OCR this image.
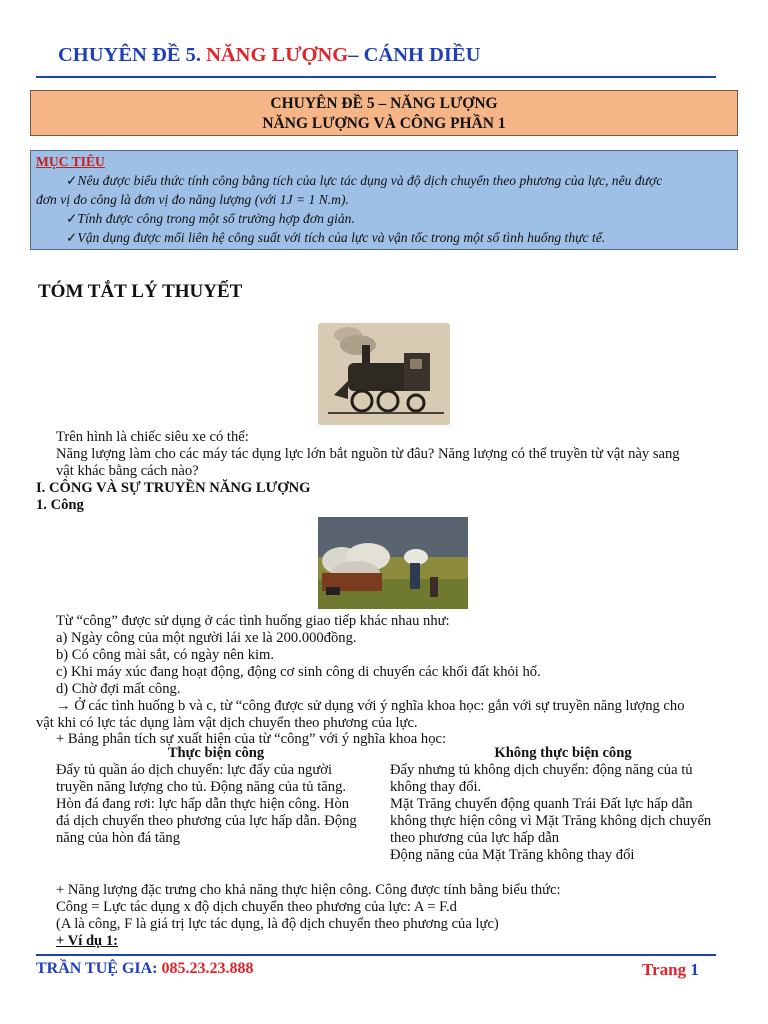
CHUYÊN ĐỀ 5. NĂNG LƯỢNG– CÁNH DIỀU
CHUYÊN ĐỀ 5 – NĂNG LƯỢNG
NĂNG LƯỢNG VÀ CÔNG PHẦN 1
MỤC TIÊU
✓Nêu được biểu thức tính công bằng tích của lực tác dụng và độ dịch chuyển theo phương của lực, nêu được
đơn vị đo công là đơn vị đo năng lượng (với 1J = 1 N.m).
✓Tính được công trong một số trường hợp đơn giản.
✓Vận dụng được mối liên hệ công suất với tích của lực và vận tốc trong một số tình huống thực tế.
TÓM TẮT LÝ THUYẾT
Trên hình là chiếc siêu xe có thể:
Năng lượng làm cho các máy tác dụng lực lớn bắt nguồn từ đâu? Năng lượng có thể truyền từ vật này sang
vật khác bằng cách nào?
I. CÔNG VÀ SỰ TRUYỀN NĂNG LƯỢNG
1. Công
Từ “công” được sử dụng ở các tình huống giao tiếp khác nhau như:
a) Ngày công của một người lái xe là 200.000đồng.
b) Có công mài sắt, có ngày nên kim.
c) Khi máy xúc đang hoạt động, động cơ sinh công di chuyển các khối đất khỏi hố.
d) Chờ đợi mất công.
→ Ở các tình huống b và c, từ “công được sử dụng với ý nghĩa khoa học: gắn với sự truyền năng lượng cho
vật khi có lực tác dụng làm vật dịch chuyển theo phương của lực.
+ Bảng phân tích sự xuất hiện của từ “công” với ý nghĩa khoa học:
Thực biện công
Đẩy tủ quần áo dịch chuyển: lực đẩy của người
truyền năng lượng cho tủ. Động năng của tủ tăng.
Hòn đá đang rơi: lực hấp dẫn thực hiện công. Hòn
đá dịch chuyển theo phương của lực hấp dẫn. Động
năng của hòn đá tăng
Không thực biện công
Đẩy nhưng tủ không dịch chuyển: động năng của tủ
không thay đổi.
Mặt Trăng chuyển động quanh Trái Đất lực hấp dẫn
không thực hiện công vì Mặt Trăng không dịch chuyển
theo phương của lực hấp dẫn
Động năng của Mặt Trăng không thay đổi
+ Năng lượng đặc trưng cho khả năng thực hiện công. Công được tính bằng biểu thức:
Công = Lực tác dụng x độ dịch chuyển theo phương của lực: A = F.d
(A là công, F là giá trị lực tác dụng, là độ dịch chuyển theo phương của lực)
+ Ví dụ 1:
TRẦN TUỆ GIA: 085.23.23.888	Trang 1
